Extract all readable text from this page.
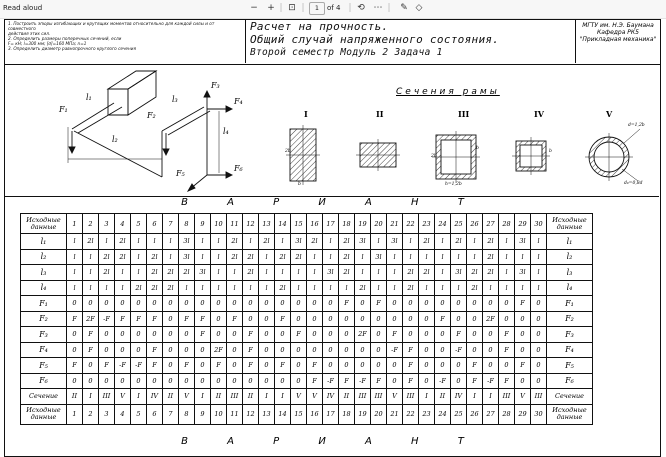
Read aloud	− + | ⊡ |	1	of 4 | ⟲ ⋯ | ✎ ◇
1. Построить эпюры изгибающих и крутящих моментов относительно для каждой силы и от совместного
действия этих сил.
2. Определить размеры поперечных сечений, если
F= кН; l=300 мм; [σ]=160 МПа; n=1
3. Определить диаметр равнопрочного круглого сечения
Расчет на прочность.
Общий случай напряженного состояния.
Второй семестр Модуль 2 Задача 1
МГТУ им. Н.Э. Баумана
Кафедра РК5
"Прикладная механика"
F₁
F₂
F₃
F₄
F₅
F₆
l₁
l₂
l₃
l₄
Сечения рамы
I	II	III	IV	V
2b
b
2b
b
h=1,2b
b
d=1,2b
d₀=0,8d
В А Р И А Н Т
Исходные данные	1	2	3	4	5	6	7	8	9	10	11	12	13	14	15	16	17	18	19	20	21	22	23	24	25	26	27	28	29	30	Исходные данные
l₁	l	2l	l	2l	l	l	l	3l	l	l	2l	l	2l	l	3l	2l	l	2l	3l	l	3l	l	2l	l	2l	l	2l	l	3l	l	l₁
l₂	l	l	2l	2l	l	2l	l	3l	l	l	2l	2l	l	2l	2l	l	l	2l	l	3l	l	l	l	l	l	l	2l	l	l	l	l₂
l₃	l	l	2l	l	l	2l	2l	2l	3l	l	l	2l	l	l	l	l	3l	2l	l	l	l	2l	2l	l	3l	2l	2l	l	3l	l	l₃
l₄	l	l	l	l	2l	2l	2l	l	l	l	l	l	l	2l	l	l	l	l	2l	l	l	2l	l	l	l	2l	l	l	l	l	l₄
F₁	0	0	0	0	0	0	0	0	0	0	0	0	0	0	0	0	0	F	0	F	0	0	0	0	0	0	0	0	F	0	F₁
F₂	F	2F	-F	F	F	F	0	F	F	0	F	0	0	F	0	0	0	0	0	0	0	0	0	F	0	0	2F	0	0	0	F₂
F₃	0	F	0	0	0	0	0	0	F	0	0	F	0	0	F	0	0	0	2F	0	F	0	0	0	F	0	0	F	0	0	F₃
F₄	0	F	0	0	0	F	0	0	0	2F	0	F	0	0	0	0	0	0	0	0	-F	F	0	0	-F	0	0	F	0	0	F₄
F₅	F	0	F	-F	-F	F	0	F	0	F	0	F	0	F	0	F	0	0	0	0	0	F	0	0	0	F	0	0	F	0	F₅
F₆	0	0	0	0	0	0	0	0	0	0	0	0	0	0	0	F	-F	F	-F	F	0	F	0	-F	0	F	-F	F	0	0	F₆
Сечение	II	I	III	V	I	IV	II	V	I	II	III	II	I	I	V	V	IV	II	III	III	V	III	I	II	IV	I	I	III	V	III	Сечение
Исходные данные	1	2	3	4	5	6	7	8	9	10	11	12	13	14	15	16	17	18	19	20	21	22	23	24	25	26	27	28	29	30	Исходные данные
В А Р И А Н Т
